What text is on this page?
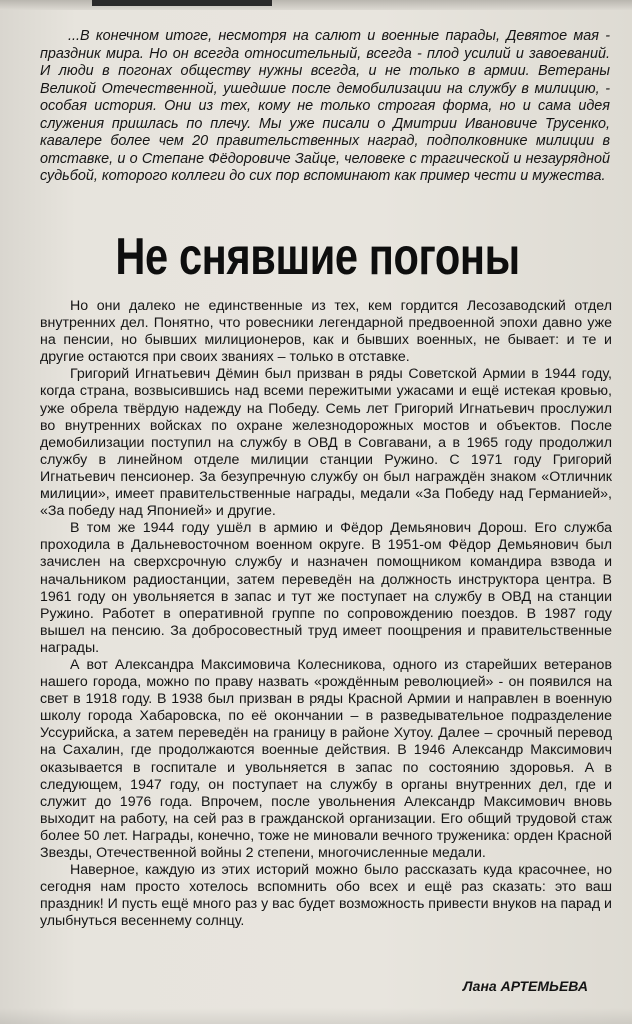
...В конечном итоге, несмотря на салют и военные парады, Девятое мая - праздник мира. Но он всегда относительный, всегда - плод усилий и завоеваний. И люди в погонах обществу нужны всегда, и не только в армии. Ветераны Великой Отечественной, ушедшие после демобилизации на службу в милицию, - особая история. Они из тех, кому не только строгая форма, но и сама идея служения пришлась по плечу. Мы уже писали о Дмитрии Ивановиче Трусенко, кавалере более чем 20 правительственных наград, подполковнике милиции в отставке, и о Степане Фёдоровиче Зайце, человеке с трагической и незаурядной судьбой, которого коллеги до сих пор вспоминают как пример чести и мужества.

Не снявшие погоны

Но они далеко не единственные из тех, кем гордится Лесозаводский отдел внутренних дел. Понятно, что ровесники легендарной предвоенной эпохи давно уже на пенсии, но бывших милиционеров, как и бывших военных, не бывает: и те и другие остаются при своих званиях – только в отставке.

Григорий Игнатьевич Дёмин был призван в ряды Советской Армии в 1944 году, когда страна, возвысившись над всеми пережитыми ужасами и ещё истекая кровью, уже обрела твёрдую надежду на Победу. Семь лет Григорий Игнатьевич прослужил во внутренних войсках по охране железнодорожных мостов и объектов. После демобилизации поступил на службу в ОВД в Совгавани, а в 1965 году продолжил службу в линейном отделе милиции станции Ружино. С 1971 году Григорий Игнатьевич пенсионер. За безупречную службу он был награждён знаком «Отличник милиции», имеет правительственные награды, медали «За Победу над Германией», «За победу над Японией» и другие.

В том же 1944 году ушёл в армию и Фёдор Демьянович Дорош. Его служба проходила в Дальневосточном военном округе. В 1951-ом Фёдор Демьянович был зачислен на сверхсрочную службу и назначен помощником командира взвода и начальником радиостанции, затем переведён на должность инструктора центра. В 1961 году он увольняется в запас и тут же поступает на службу в ОВД на станции Ружино. Работет в оперативной группе по сопровождению поездов. В 1987 году вышел на пенсию. За добросовестный труд имеет поощрения и правительственные награды.

А вот Александра Максимовича Колесникова, одного из старейших ветеранов нашего города, можно по праву назвать «рождённым революцией» - он появился на свет в 1918 году. В 1938 был призван в ряды Красной Армии и направлен в военную школу города Хабаровска, по её окончании – в разведывательное подразделение Уссурийска, а затем переведён на границу в районе Хутоу. Далее – срочный перевод на Сахалин, где продолжаются военные действия. В 1946 Александр Максимович оказывается в госпитале и увольняется в запас по состоянию здоровья. А в следующем, 1947 году, он поступает на службу в органы внутренних дел, где и служит до 1976 года. Впрочем, после увольнения Александр Максимович вновь выходит на работу, на сей раз в гражданской организации. Его общий трудовой стаж более 50 лет. Награды, конечно, тоже не миновали вечного труженика: орден Красной Звезды, Отечественной войны 2 степени, многочисленные медали.

Наверное, каждую из этих историй можно было рассказать куда красочнее, но сегодня нам просто хотелось вспомнить обо всех и ещё раз сказать: это ваш праздник! И пусть ещё много раз у вас будет возможность привести внуков на парад и улыбнуться весеннему солнцу.

Лана АРТЕМЬЕВА
